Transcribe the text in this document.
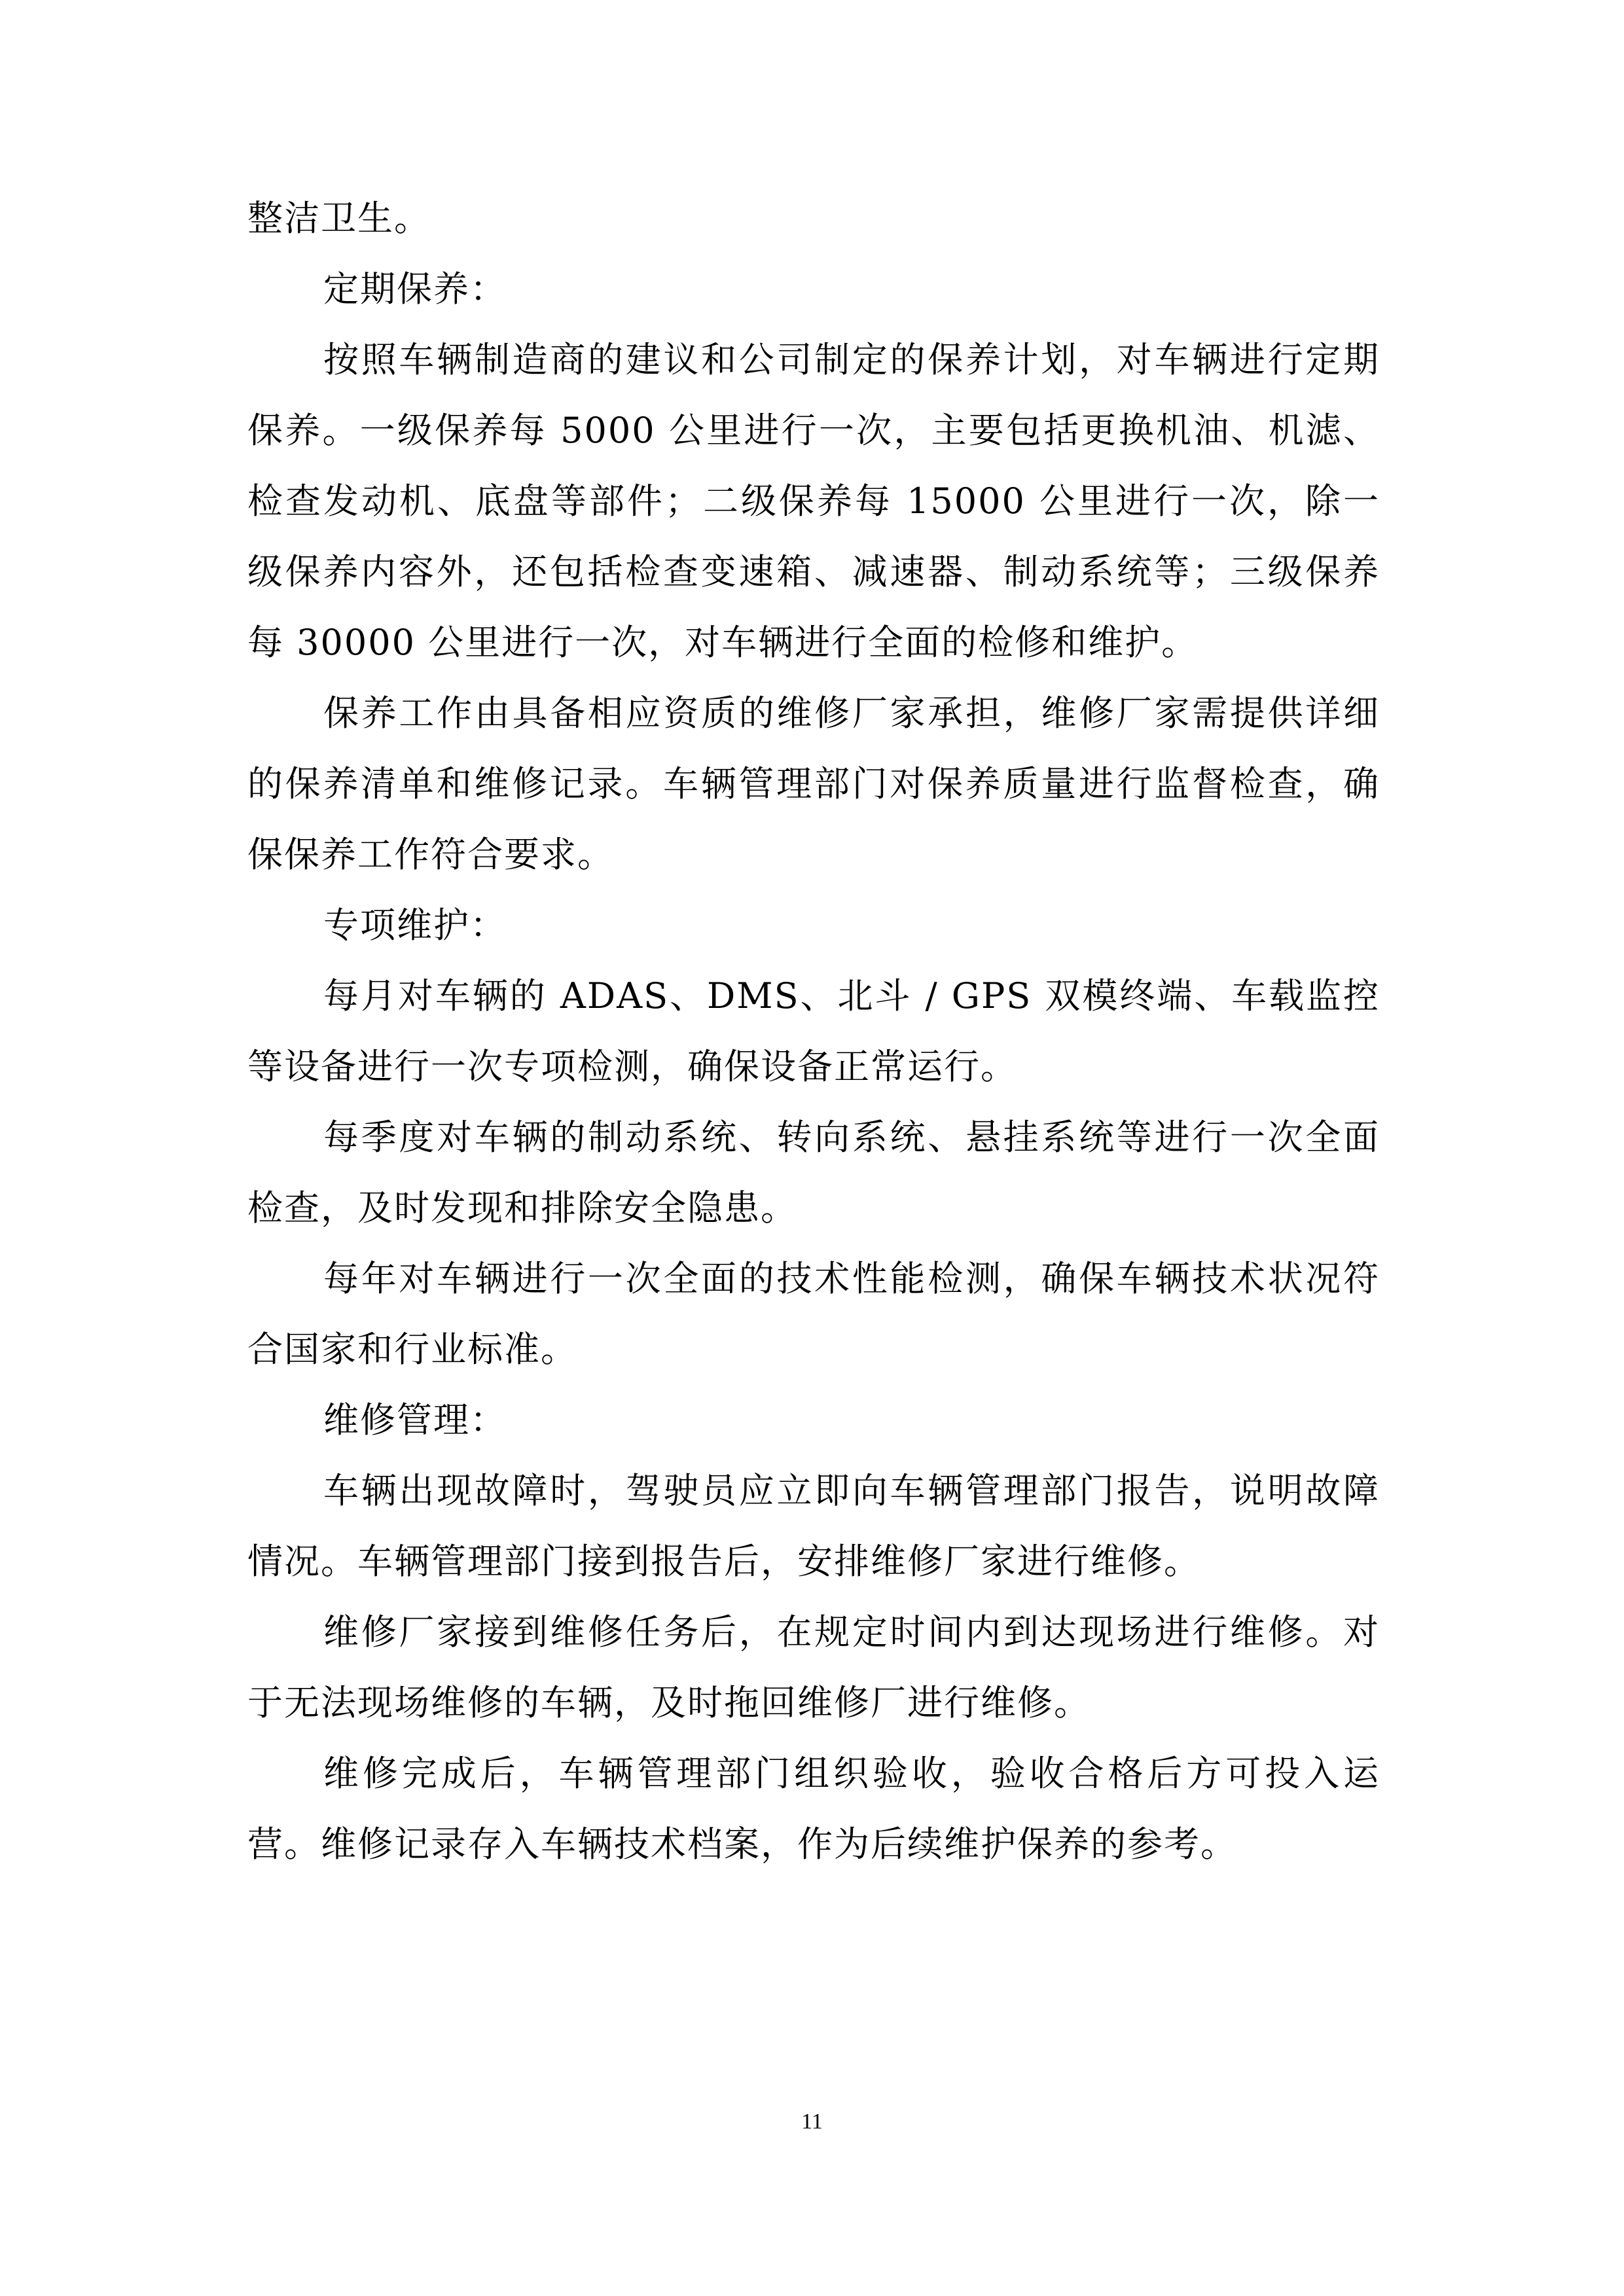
整洁卫生。

定期保养：

按照车辆制造商的建议和公司制定的保养计划，对车辆进行定期保养。一级保养每 5000 公里进行一次，主要包括更换机油、机滤、检查发动机、底盘等部件；二级保养每 15000 公里进行一次，除一级保养内容外，还包括检查变速箱、减速器、制动系统等；三级保养每 30000 公里进行一次，对车辆进行全面的检修和维护。

保养工作由具备相应资质的维修厂家承担，维修厂家需提供详细的保养清单和维修记录。车辆管理部门对保养质量进行监督检查，确保保养工作符合要求。

专项维护：

每月对车辆的 ADAS、DMS、北斗 / GPS 双模终端、车载监控等设备进行一次专项检测，确保设备正常运行。

每季度对车辆的制动系统、转向系统、悬挂系统等进行一次全面检查，及时发现和排除安全隐患。

每年对车辆进行一次全面的技术性能检测，确保车辆技术状况符合国家和行业标准。

维修管理：

车辆出现故障时，驾驶员应立即向车辆管理部门报告，说明故障情况。车辆管理部门接到报告后，安排维修厂家进行维修。

维修厂家接到维修任务后，在规定时间内到达现场进行维修。对于无法现场维修的车辆，及时拖回维修厂进行维修。

维修完成后，车辆管理部门组织验收，验收合格后方可投入运营。维修记录存入车辆技术档案，作为后续维护保养的参考。

11
